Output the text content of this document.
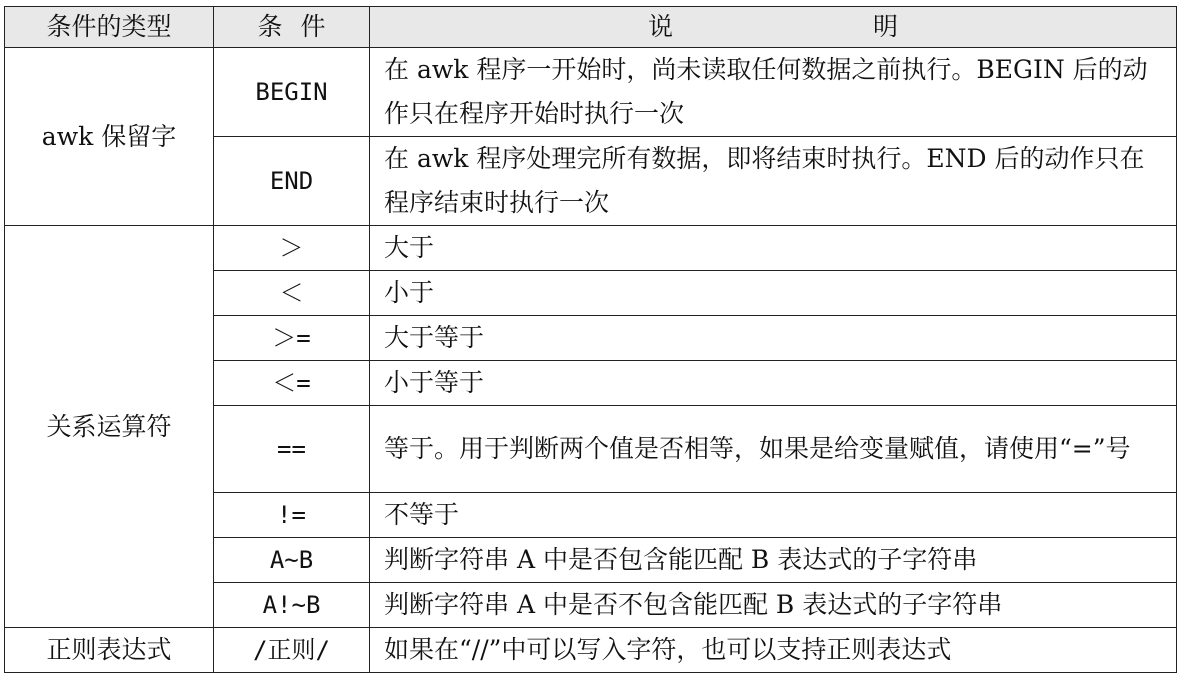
条件的类型	条件	说明
awk 保留字	BEGIN	在 awk 程序一开始时，尚未读取任何数据之前执行。BEGIN 后的动作只在程序开始时执行一次
	END	在 awk 程序处理完所有数据，即将结束时执行。END 后的动作只在程序结束时执行一次
关系运算符	＞	大于
	＜	小于
	＞=	大于等于
	＜=	小于等于
	==	等于。用于判断两个值是否相等，如果是给变量赋值，请使用“=”号
	!=	不等于
	A~B	判断字符串 A 中是否包含能匹配 B 表达式的子字符串
	A!~B	判断字符串 A 中是否不包含能匹配 B 表达式的子字符串
正则表达式	/正则/	如果在“//”中可以写入字符，也可以支持正则表达式
